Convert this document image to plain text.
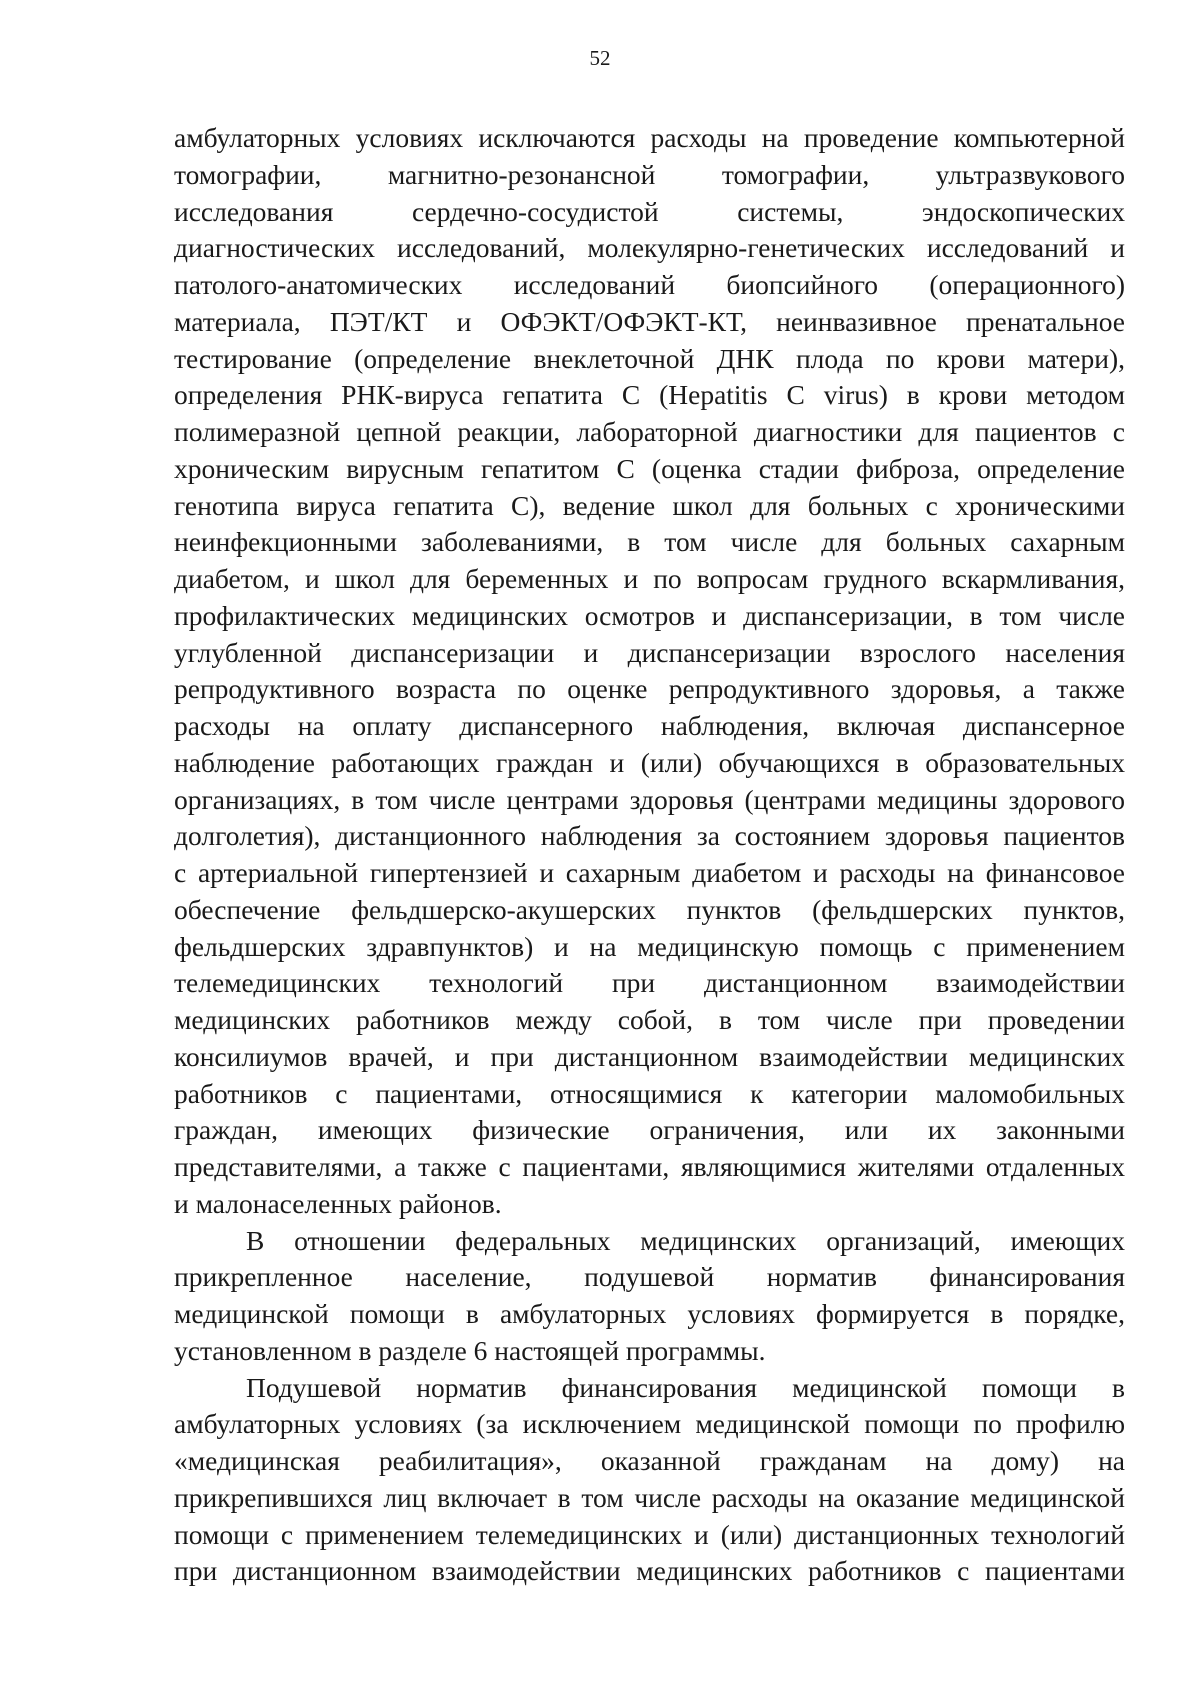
52
амбулаторных условиях исключаются расходы на проведение компьютерной
томографии, магнитно-резонансной томографии, ультразвукового
исследования сердечно-сосудистой системы, эндоскопических
диагностических исследований, молекулярно-генетических исследований и
патолого-анатомических исследований биопсийного (операционного)
материала, ПЭТ/КТ и ОФЭКТ/ОФЭКТ-КТ, неинвазивное пренатальное
тестирование (определение внеклеточной ДНК плода по крови матери),
определения РНК-вируса гепатита С (Hepatitis С virus) в крови методом
полимеразной цепной реакции, лабораторной диагностики для пациентов с
хроническим вирусным гепатитом С (оценка стадии фиброза, определение
генотипа вируса гепатита С), ведение школ для больных с хроническими
неинфекционными заболеваниями, в том числе для больных сахарным
диабетом, и школ для беременных и по вопросам грудного вскармливания,
профилактических медицинских осмотров и диспансеризации, в том числе
углубленной диспансеризации и диспансеризации взрослого населения
репродуктивного возраста по оценке репродуктивного здоровья, а также
расходы на оплату диспансерного наблюдения, включая диспансерное
наблюдение работающих граждан и (или) обучающихся в образовательных
организациях, в том числе центрами здоровья (центрами медицины здорового
долголетия), дистанционного наблюдения за состоянием здоровья пациентов
с артериальной гипертензией и сахарным диабетом и расходы на финансовое
обеспечение фельдшерско-акушерских пунктов (фельдшерских пунктов,
фельдшерских здравпунктов) и на медицинскую помощь с применением
телемедицинских технологий при дистанционном взаимодействии
медицинских работников между собой, в том числе при проведении
консилиумов врачей, и при дистанционном взаимодействии медицинских
работников с пациентами, относящимися к категории маломобильных
граждан, имеющих физические ограничения, или их законными
представителями, а также с пациентами, являющимися жителями отдаленных
и малонаселенных районов.
В отношении федеральных медицинских организаций, имеющих
прикрепленное население, подушевой норматив финансирования
медицинской помощи в амбулаторных условиях формируется в порядке,
установленном в разделе 6 настоящей программы.
Подушевой норматив финансирования медицинской помощи в
амбулаторных условиях (за исключением медицинской помощи по профилю
«медицинская реабилитация», оказанной гражданам на дому) на
прикрепившихся лиц включает в том числе расходы на оказание медицинской
помощи с применением телемедицинских и (или) дистанционных технологий
при дистанционном взаимодействии медицинских работников с пациентами
